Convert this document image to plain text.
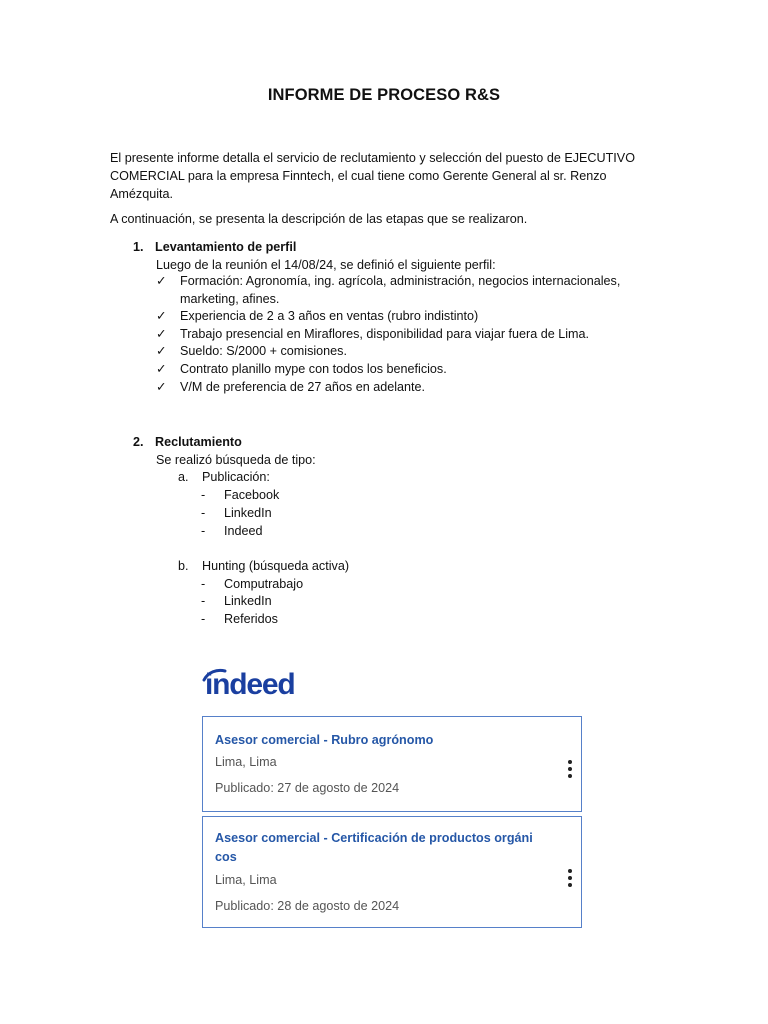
INFORME DE PROCESO R&S
El presente informe detalla el servicio de reclutamiento y selección del puesto de EJECUTIVO
COMERCIAL para la empresa Finntech, el cual tiene como Gerente General al sr. Renzo
Amézquita.
A continuación, se presenta la descripción de las etapas que se realizaron.
1. Levantamiento de perfil
Luego de la reunión el 14/08/24, se definió el siguiente perfil:
✓	Formación: Agronomía, ing. agrícola, administración, negocios internacionales,
marketing, afines.
✓	Experiencia de 2 a 3 años en ventas (rubro indistinto)
✓	Trabajo presencial en Miraflores, disponibilidad para viajar fuera de Lima.
✓	Sueldo: S/2000 + comisiones.
✓	Contrato planillo mype con todos los beneficios.
✓	V/M de preferencia de 27 años en adelante.
2. Reclutamiento
Se realizó búsqueda de tipo:
a. Publicación:
- Facebook
- LinkedIn
- Indeed
b. Hunting (búsqueda activa)
- Computrabajo
- LinkedIn
- Referidos
indeed
Asesor comercial - Rubro agrónomo
Lima, Lima
Publicado: 27 de agosto de 2024
Asesor comercial - Certificación de productos orgáni
cos
Lima, Lima
Publicado: 28 de agosto de 2024
